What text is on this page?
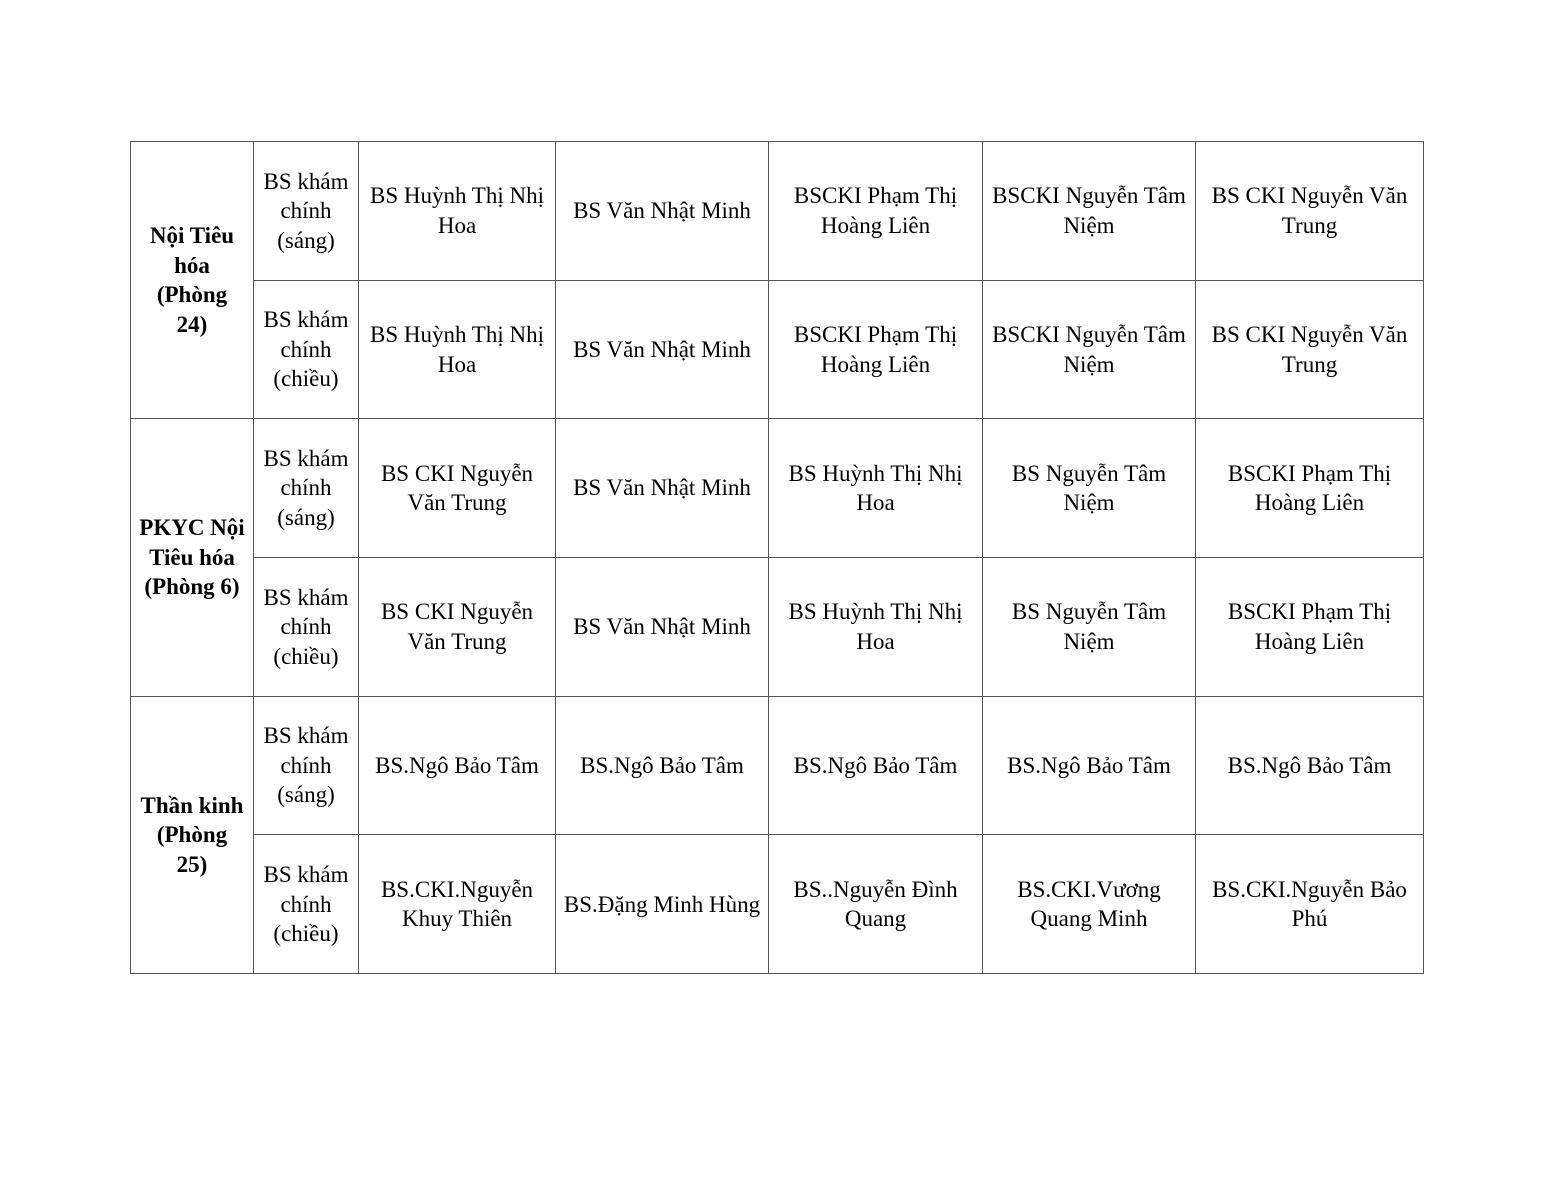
Nội Tiêu hóa (Phòng 24)	BS khám chính (sáng)	BS Huỳnh Thị Nhị Hoa	BS Văn Nhật Minh	BSCKI Phạm Thị Hoàng Liên	BSCKI Nguyễn Tâm Niệm	BS CKI Nguyễn Văn Trung
	BS khám chính (chiều)	BS Huỳnh Thị Nhị Hoa	BS Văn Nhật Minh	BSCKI Phạm Thị Hoàng Liên	BSCKI Nguyễn Tâm Niệm	BS CKI Nguyễn Văn Trung
PKYC Nội Tiêu hóa (Phòng 6)	BS khám chính (sáng)	BS CKI Nguyễn Văn Trung	BS Văn Nhật Minh	BS Huỳnh Thị Nhị Hoa	BS Nguyễn Tâm Niệm	BSCKI Phạm Thị Hoàng Liên
	BS khám chính (chiều)	BS CKI Nguyễn Văn Trung	BS Văn Nhật Minh	BS Huỳnh Thị Nhị Hoa	BS Nguyễn Tâm Niệm	BSCKI Phạm Thị Hoàng Liên
Thần kinh (Phòng 25)	BS khám chính (sáng)	BS.Ngô Bảo Tâm	BS.Ngô Bảo Tâm	BS.Ngô Bảo Tâm	BS.Ngô Bảo Tâm	BS.Ngô Bảo Tâm
	BS khám chính (chiều)	BS.CKI.Nguyễn Khuy Thiên	BS.Đặng Minh Hùng	BS..Nguyễn Đình Quang	BS.CKI.Vương Quang Minh	BS.CKI.Nguyễn Bảo Phú
